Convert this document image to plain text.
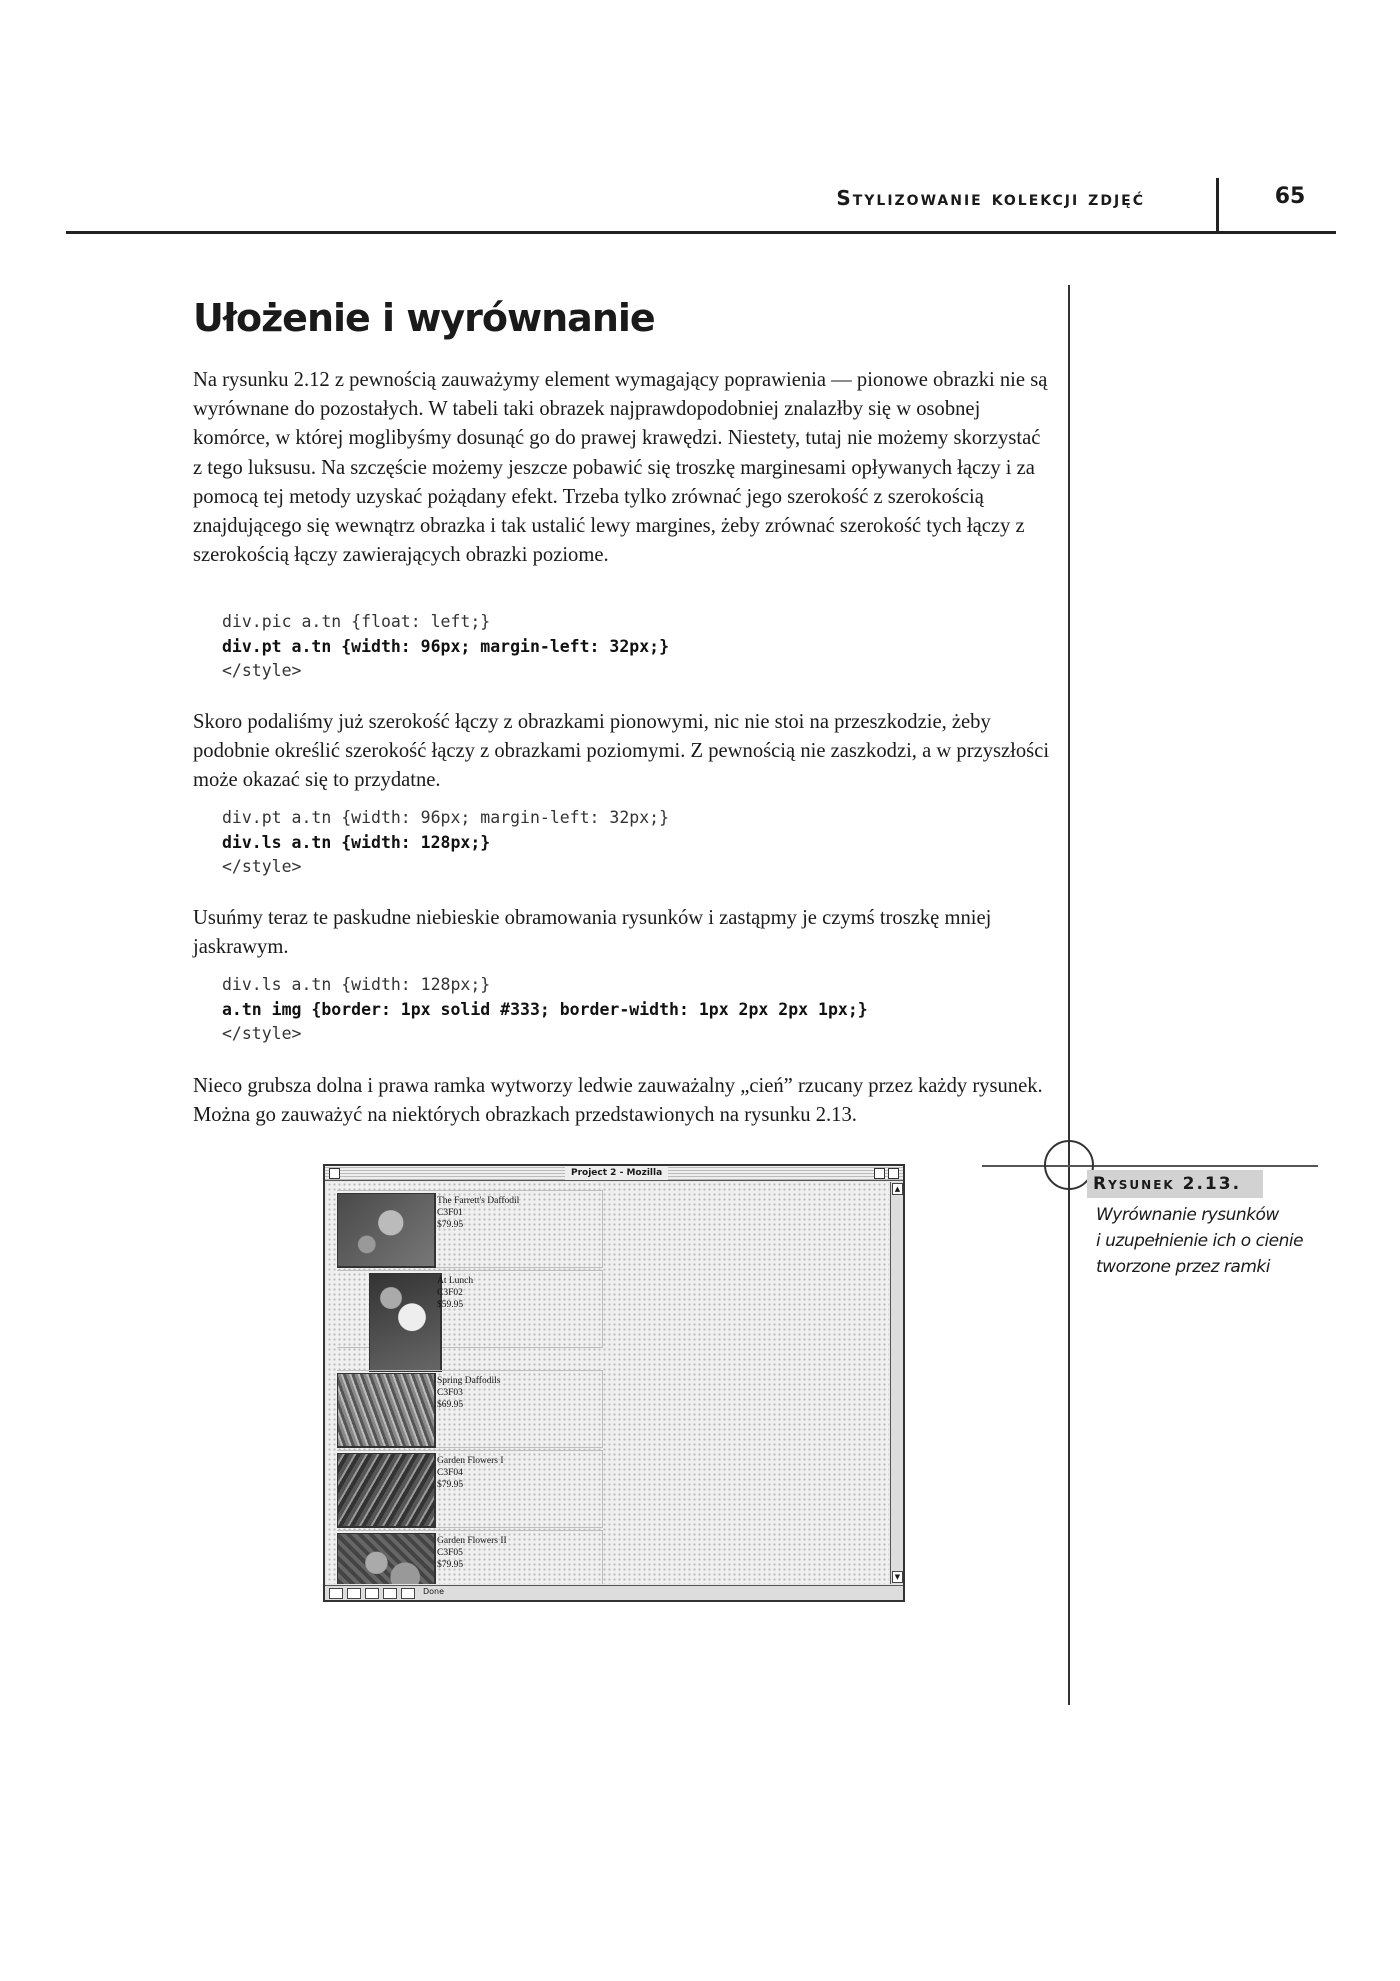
Stylizowanie kolekcji zdjęć	65
Ułożenie i wyrównanie

Na rysunku 2.12 z pewnością zauważymy element wymagający poprawienia — pionowe obrazki nie są wyrównane do pozostałych. W tabeli taki obrazek najprawdopodobniej znalazłby się w osobnej komórce, w której moglibyśmy dosunąć go do prawej krawędzi. Niestety, tutaj nie możemy skorzystać z tego luksusu. Na szczęście możemy jeszcze pobawić się troszkę marginesami opływanych łączy i za pomocą tej metody uzyskać pożądany efekt. Trzeba tylko zrównać jego szerokość z szerokością znajdującego się wewnątrz obrazka i tak ustalić lewy margines, żeby zrównać szerokość tych łączy z szerokością łączy zawierających obrazki poziome.

div.pic a.tn {float: left;}
div.pt a.tn {width: 96px; margin-left: 32px;}
</style>

Skoro podaliśmy już szerokość łączy z obrazkami pionowymi, nic nie stoi na przeszkodzie, żeby podobnie określić szerokość łączy z obrazkami poziomymi. Z pewnością nie zaszkodzi, a w przyszłości może okazać się to przydatne.

div.pt a.tn {width: 96px; margin-left: 32px;}
div.ls a.tn {width: 128px;}
</style>

Usuńmy teraz te paskudne niebieskie obramowania rysunków i zastąpmy je czymś troszkę mniej jaskrawym.

div.ls a.tn {width: 128px;}
a.tn img {border: 1px solid #333; border-width: 1px 2px 2px 1px;}
</style>

Nieco grubsza dolna i prawa ramka wytworzy ledwie zauważalny „cień” rzucany przez każdy rysunek. Można go zauważyć na niektórych obrazkach przedstawionych na rysunku 2.13.

Rysunek 2.13.
Wyrównanie rysunków
i uzupełnienie ich o cienie
tworzone przez ramki
Project 2 - Mozilla
The Farrett's Daffodil
C3F01
$79.95
At Lunch
C3F02
$59.95
Spring Daffodils
C3F03
$69.95
Garden Flowers I
C3F04
$79.95
Garden Flowers II
C3F05
$79.95
▲
▼
Done
